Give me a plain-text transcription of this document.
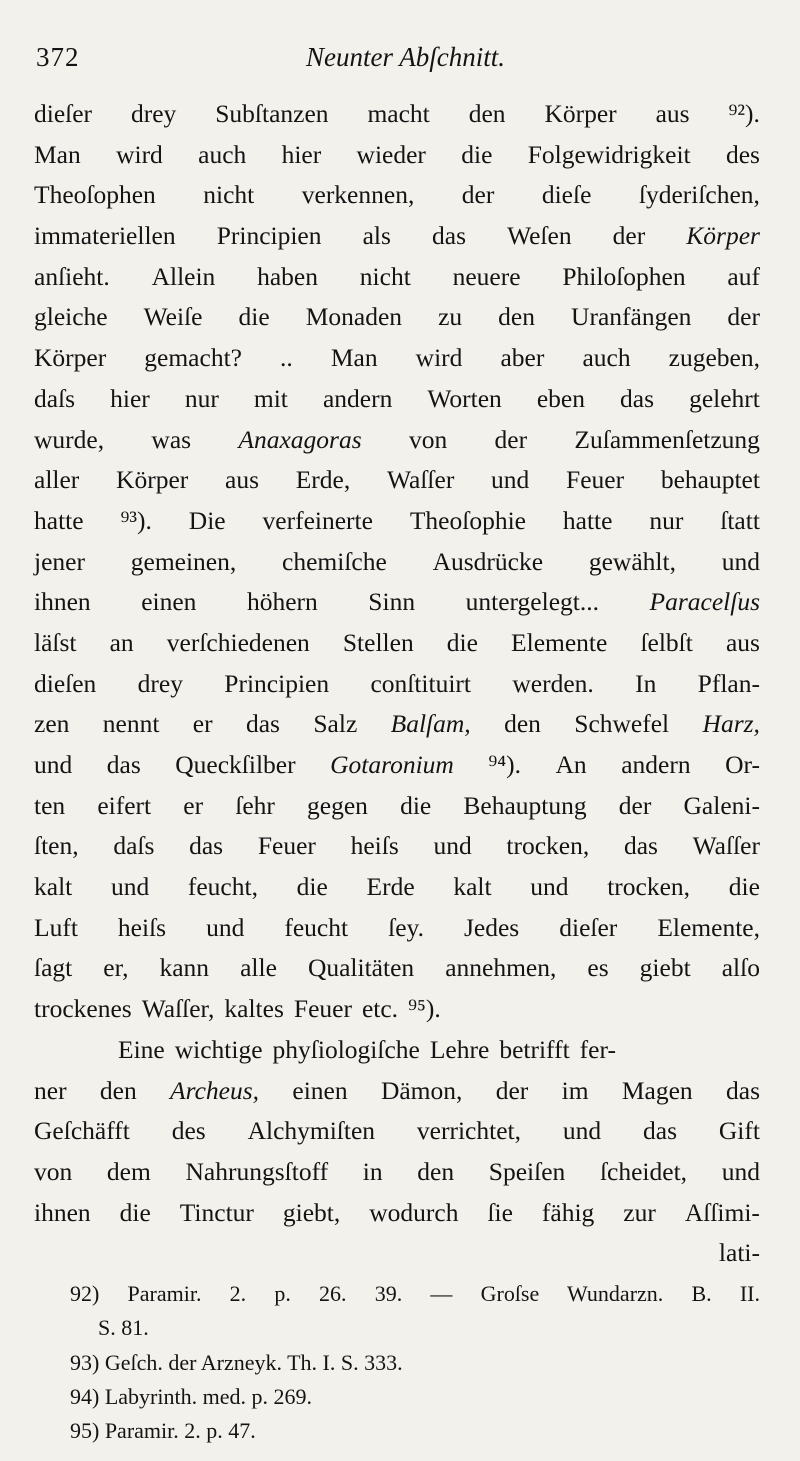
372	Neunter Abſchnitt.
dieſer drey Subſtanzen macht den Körper aus ⁹²).
Man wird auch hier wieder die Folgewidrigkeit des
Theoſophen nicht verkennen, der dieſe ſyderiſchen,
immateriellen Principien als das Weſen der Körper
anſieht. Allein haben nicht neuere Philoſophen auf
gleiche Weiſe die Monaden zu den Uranfängen der
Körper gemacht? .. Man wird aber auch zugeben,
daſs hier nur mit andern Worten eben das gelehrt
wurde, was Anaxagoras von der Zuſammenſetzung
aller Körper aus Erde, Waſſer und Feuer behauptet
hatte ⁹³). Die verfeinerte Theoſophie hatte nur ſtatt
jener gemeinen, chemiſche Ausdrücke gewählt, und
ihnen einen höhern Sinn untergelegt... Paracelſus
läſst an verſchiedenen Stellen die Elemente ſelbſt aus
dieſen drey Principien conſtituirt werden. In Pflan-
zen nennt er das Salz Balſam, den Schwefel Harz,
und das Queckſilber Gotaronium ⁹⁴). An andern Or-
ten eifert er ſehr gegen die Behauptung der Galeni-
ſten, daſs das Feuer heiſs und trocken, das Waſſer
kalt und feucht, die Erde kalt und trocken, die
Luft heiſs und feucht ſey. Jedes dieſer Elemente,
ſagt er, kann alle Qualitäten annehmen, es giebt alſo
trockenes Waſſer, kaltes Feuer etc. ⁹⁵).
Eine wichtige phyſiologiſche Lehre betrifft fer-
ner den Archeus, einen Dämon, der im Magen das
Geſchäfft des Alchymiſten verrichtet, und das Gift
von dem Nahrungsſtoff in den Speiſen ſcheidet, und
ihnen die Tinctur giebt, wodurch ſie fähig zur Aſſimi-
lati-
92) Paramir. 2. p. 26. 39. — Groſse Wundarzn. B. II.
S. 81.
93) Geſch. der Arzneyk. Th. I. S. 333.
94) Labyrinth. med. p. 269.
95) Paramir. 2. p. 47.
